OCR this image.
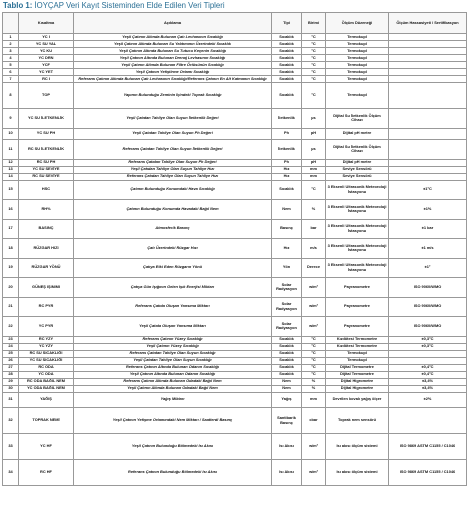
Tablo 1: İOYÇAP Veri Kayıt Sisteminden Elde Edilen Veri Tipleri
	Kısaltma	Açıklama	Tipi	Birimi	Ölçüm Düzeneği	Ölçüm Hassasiyeti / Sertifikasyon
1	YC I	Yeşil Çatının Altında Bulunan Çatı Levhasının Sıcaklığı	Sıcaklık	°C	Termokupl	
2	YC SU YAL	Yeşil Çatının Altında Bulunan Su Yalıtımının Üzerindeki Sıcaklık	Sıcaklık	°C	Termokupl	
3	YC KU	Yeşil Çatının Altında Bulunan Su Tutucu Keçenin Sıcaklığı	Sıcaklık	°C	Termokupl	
4	YC DRN	Yeşil Çatının Altında Bulunan Drenaj Levhasının Sıcaklığı	Sıcaklık	°C	Termokupl	
5	YCF	Yeşil Çatının Altında Bulunan Filtre Örtüsünün Sıcaklığı	Sıcaklık	°C	Termokupl	
6	YC YET	Yeşil Çatının Yetiştirme Ortamı Sıcaklığı	Sıcaklık	°C	Termokupl	
7	RC I	Referans Çatının Altında Bulunan Çatı Levhasının Sıcaklığı/Referans Çatının En Alt Katmanın Sıcaklığı	Sıcaklık	°C	Termokupl	
8	TOP	Yapının Bulunduğu Zeminin İçindeki Toprak Sıcaklığı	Sıcaklık	°C	Termokupl	
9	YC SU İLETKENLİK	Yeşil Çatıdan Tahliye Olan Suyun İletkenlik Değeri	İletkenlik	µs	Dijital Su İletkenlik Ölçüm Cihazı	
10	YC SU PH	Yeşil Çatıdan Tahliye Olan Suyun Ph Değeri	Ph	pH	Dijital pH metre	
11	RC SU İLETKENLİK	Referans Çatıdan Tahliye Olan Suyun İletkenlik Değeri	İletkenlik	µs	Dijital Su İletkenlik Ölçüm Cihazı	
12	RC SU PH	Referans Çatıdan Tahliye Olan Suyun Ph Değeri	Ph	pH	Dijital pH metre	
13	YC SU SEVİYE	Yeşil Çatıdan Tahliye Olan Suyun Tahliye Hızı	Hız	mm	Seviye Sensörü	
14	RC SU SEVİYE	Referans Çatıdan Tahliye Olan Suyun Tahliye Hızı	Hız	mm	Seviye Sensörü	
15	HSC	Çatının Bulunduğu Konumdaki Hava Sıcaklığı	Sıcaklık	°C	3 Eksenli Ultrasonik Meteoroloji İstasyonu	±1°C
16	RH%	Çatının Bulunduğu Konumda Havadaki Bağıl Nem	Nem	%	3 Eksenli Ultrasonik Meteoroloji İstasyonu	±1%
17	BASINÇ	Atmosferik Basınç	Basınç	bar	3 Eksenli Ultrasonik Meteoroloji İstasyonu	±1 bar
18	RÜZGAR HIZI	Çatı Üzerindeki Rüzgar Hızı	Hız	m/s	3 Eksenli Ultrasonik Meteoroloji İstasyonu	±1 m/s
19	RÜZGAR YÖNÜ	Çatıya Etki Eden Rüzgarın Yönü	Yön	Derece	3 Eksenli Ultrasonik Meteoroloji İstasyonu	±1°
20	GÜNEŞ IŞINIMI	Çatıya Gün Işığının Gelen Işık Enerjisi Miktarı	Solar Radyasyon	w/m²	Payranometre	ISO 9060/WMO
21	RC PYR	Referans Çatıda Oluşan Yansıma Miktarı	Solar Radyasyon	w/m²	Payranometre	ISO 9060/WMO
22	YC PYR	Yeşil Çatıda Oluşan Yansıma Miktarı	Solar Radyasyon	w/m²	Payranometre	ISO 9060/WMO
23	RC YZY	Referans Çatının Yüzey Sıcaklığı	Sıcaklık	°C	Kızılötesi Termometre	±0,3°C
24	YC YZY	Yeşil Çatının Yüzey Sıcaklığı	Sıcaklık	°C	Kızılötesi Termometre	±0,3°C
25	RC SU SICAKLIĞI	Referans Çatıdan Tahliye Olan Suyun Sıcaklığı	Sıcaklık	°C	Termokupl	
26	YC SU SICAKLIĞI	Yeşil Çatıdan Tahliye Olan Suyun Sıcaklığı	Sıcaklık	°C	Termokupl	
27	RC ODA	Referans Çatının Altında Bulunan Odanın Sıcaklığı	Sıcaklık	°C	Dijital Termometre	±0,4°C
28	YC ODA	Yeşil Çatının Altında Bulunan Odanın Sıcaklığı	Sıcaklık	°C	Dijital Termometre	±0,4°C
29	RC ODA BAĞIL NEM	Referans Çatının Altında Bulunan Odadaki Bağıl Nem	Nem	%	Dijital Higrometre	±3,4%
30	YC ODA BAĞIL NEM	Yeşil Çatının Altında Bulunan Odadaki Bağıl Nem	Nem	%	Dijital Higrometre	±3,4%
31	YAĞIŞ	Yağış Miktarı	Yağış	mm	Devrilen kovalı yağış ölçer	±2%
32	TOPRAK NEMİ	Yeşil Çatının Yetişme Ortamındaki Nem Miktarı / Saatlerdi Basınç	Santibarik Basınç	cbar	Toprak nem sensörü	
33	YC HF	Yeşil Çatının Bulunduğu Bölmedeki Isı Akısı	Isı Akısı	w/m²	Isı akısı ölçüm sistemi	ISO 9869 ASTM C1155 / C1046
34	RC HF	Referans Çatının Bulunduğu Bölmedeki Isı Akısı	Isı Akısı	w/m²	Isı akısı ölçüm sistemi	ISO 9869 ASTM C1155 / C1046
